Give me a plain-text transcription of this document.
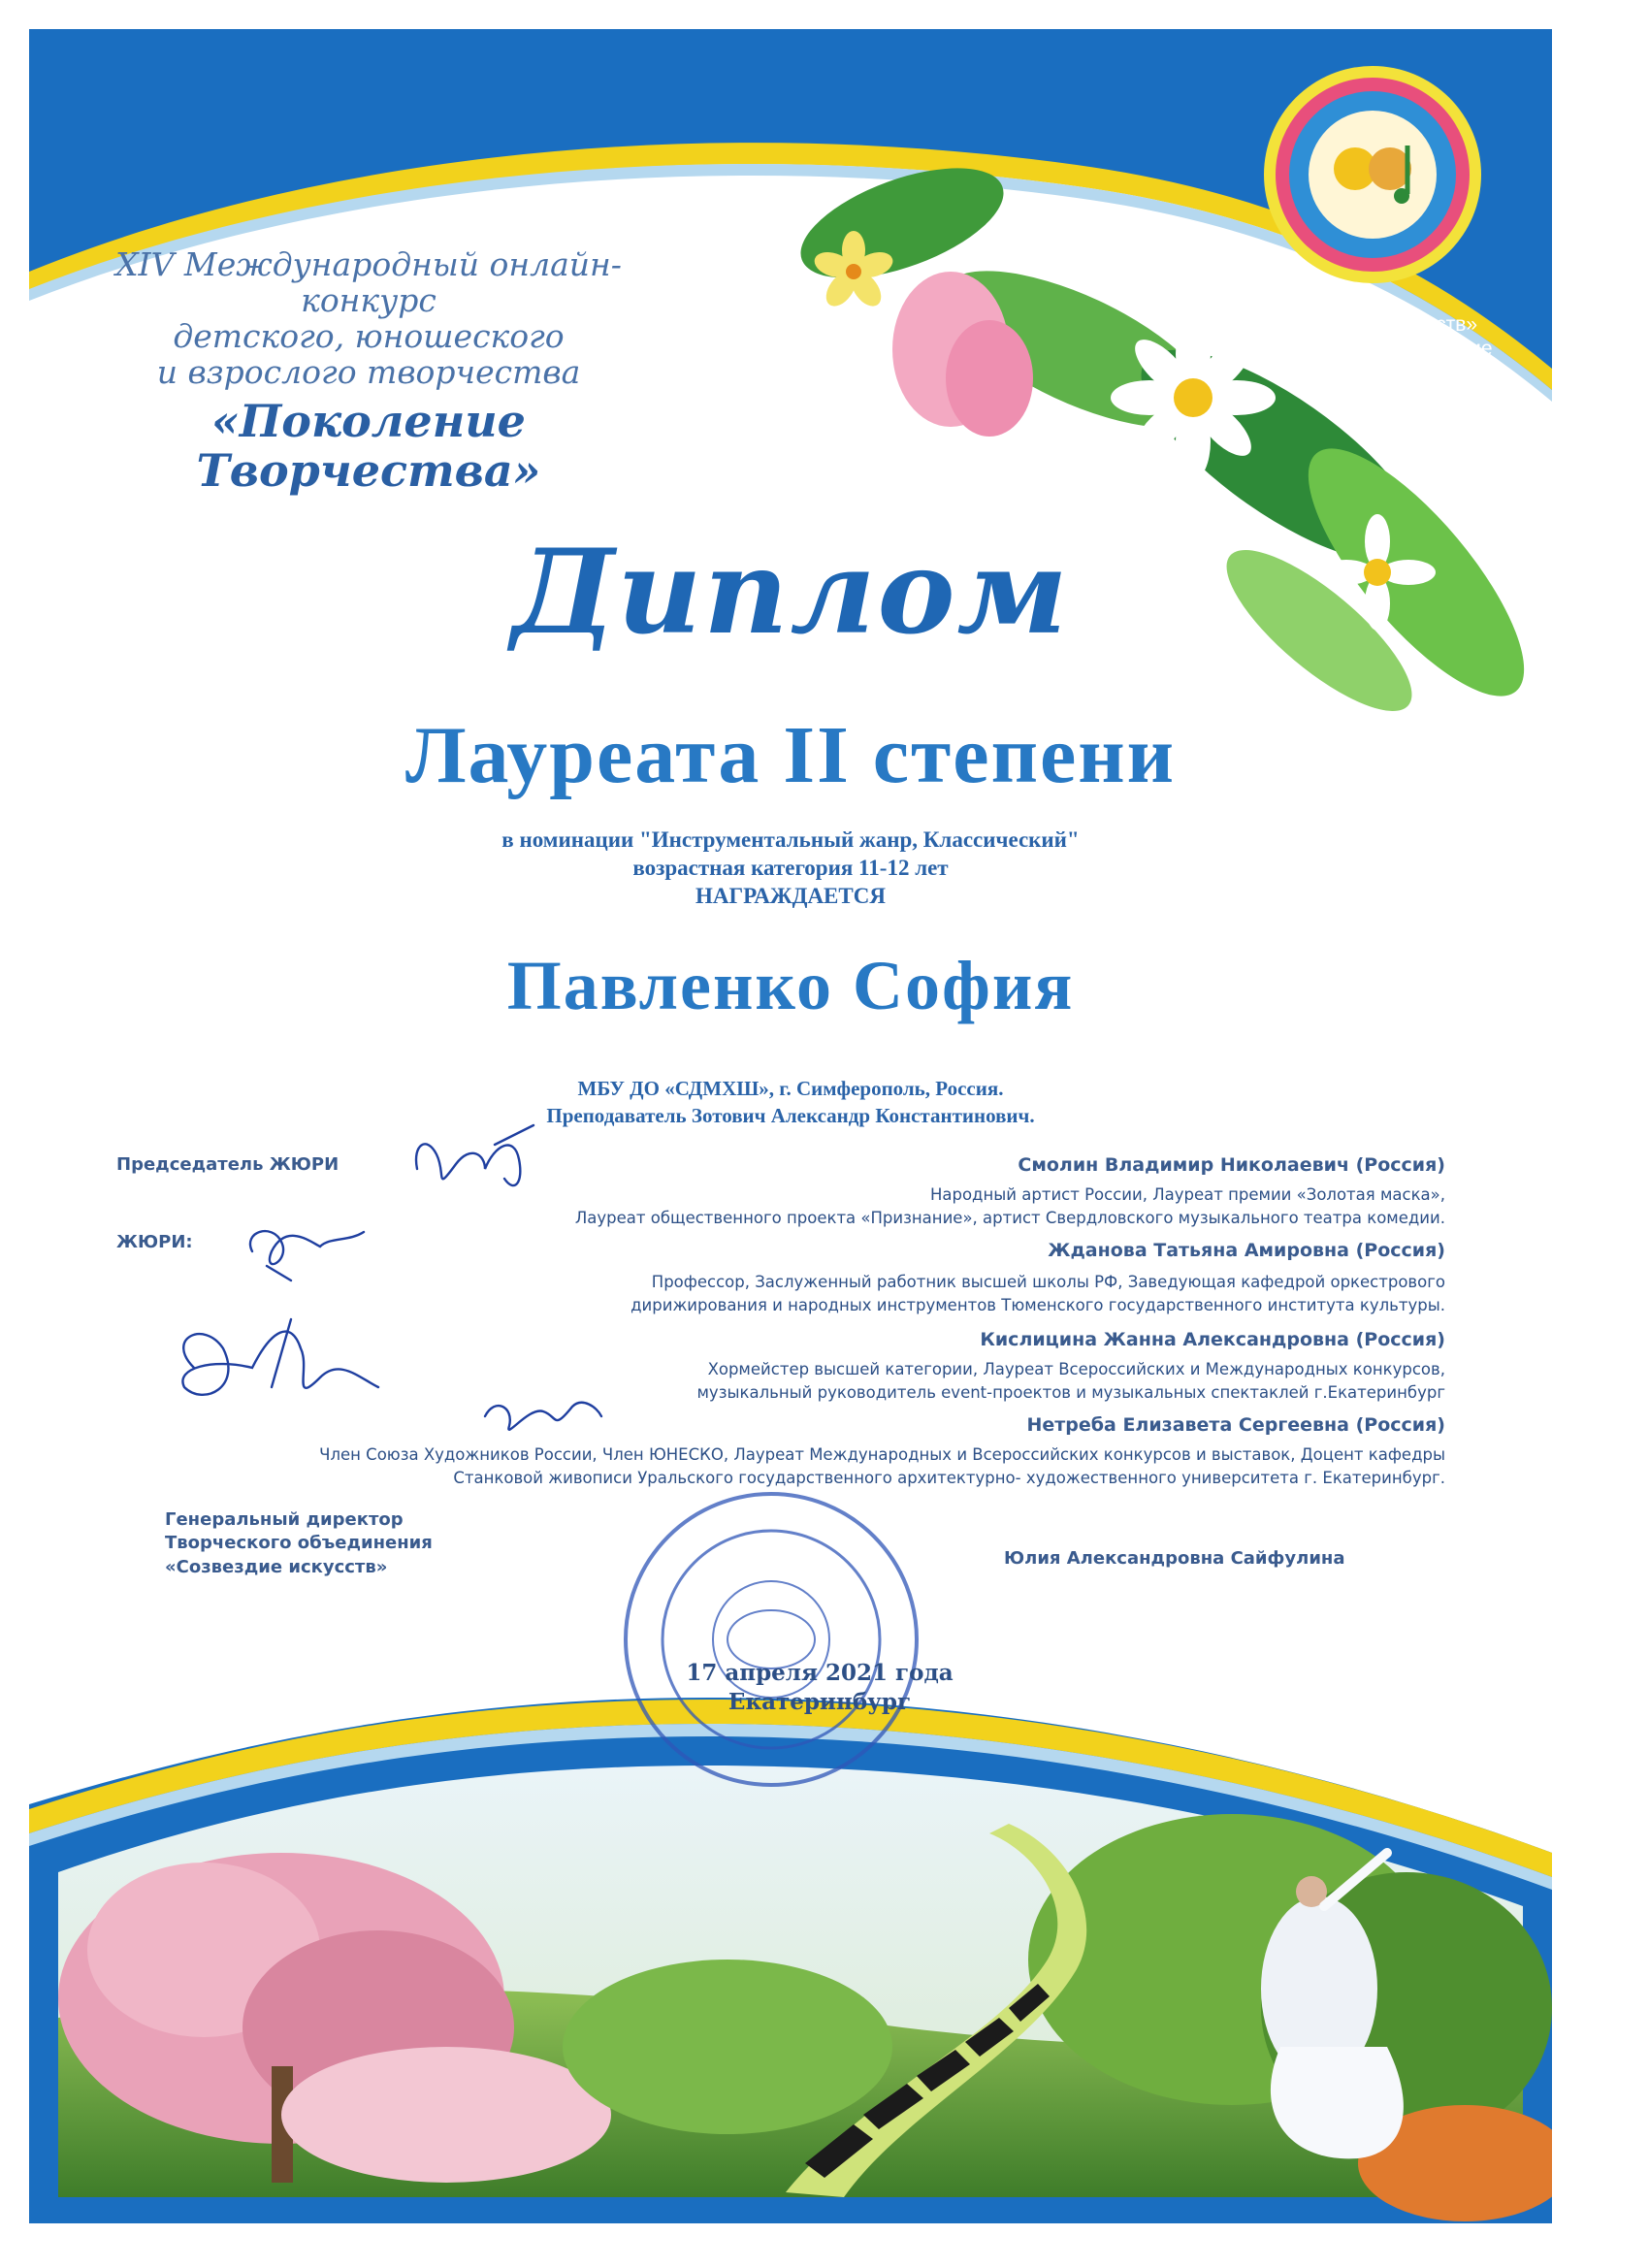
XIV Международный онлайн-конкурс
детского, юношеского
и взрослого творчества
«Поколение Творчества»
«Созвездие искусств»
Творческое объединение
Диплом
Лауреата II степени
в номинации "Инструментальный жанр, Классический"
возрастная категория 11-12 лет
НАГРАЖДАЕТСЯ
Павленко София
МБУ ДО «СДМХШ», г. Симферополь, Россия.
Преподаватель Зотович Александр Константинович.
Председатель ЖЮРИ
ЖЮРИ:
Смолин Владимир Николаевич (Россия)
Народный артист России, Лауреат премии «Золотая маска»,
Лауреат общественного проекта «Признание», артист Свердловского музыкального театра комедии.
Жданова Татьяна Амировна (Россия)
Профессор, Заслуженный работник высшей школы РФ, Заведующая кафедрой оркестрового
дирижирования и народных инструментов Тюменского государственного института культуры.
Кислицина Жанна Александровна (Россия)
Хормейстер высшей категории, Лауреат Всероссийских и Международных конкурсов,
музыкальный руководитель event-проектов и музыкальных спектаклей г.Екатеринбург
Нетреба Елизавета Сергеевна (Россия)
Член Союза Художников России, Член ЮНЕСКО, Лауреат Международных и Всероссийских конкурсов и выставок, Доцент кафедры
Станковой живописи Уральского государственного архитектурно- художественного университета г. Екатеринбург.
Генеральный директор
Творческого объединения
«Созвездие искусств»	Юлия Александровна Сайфулина
17 апреля 2021 года
Екатеринбург
